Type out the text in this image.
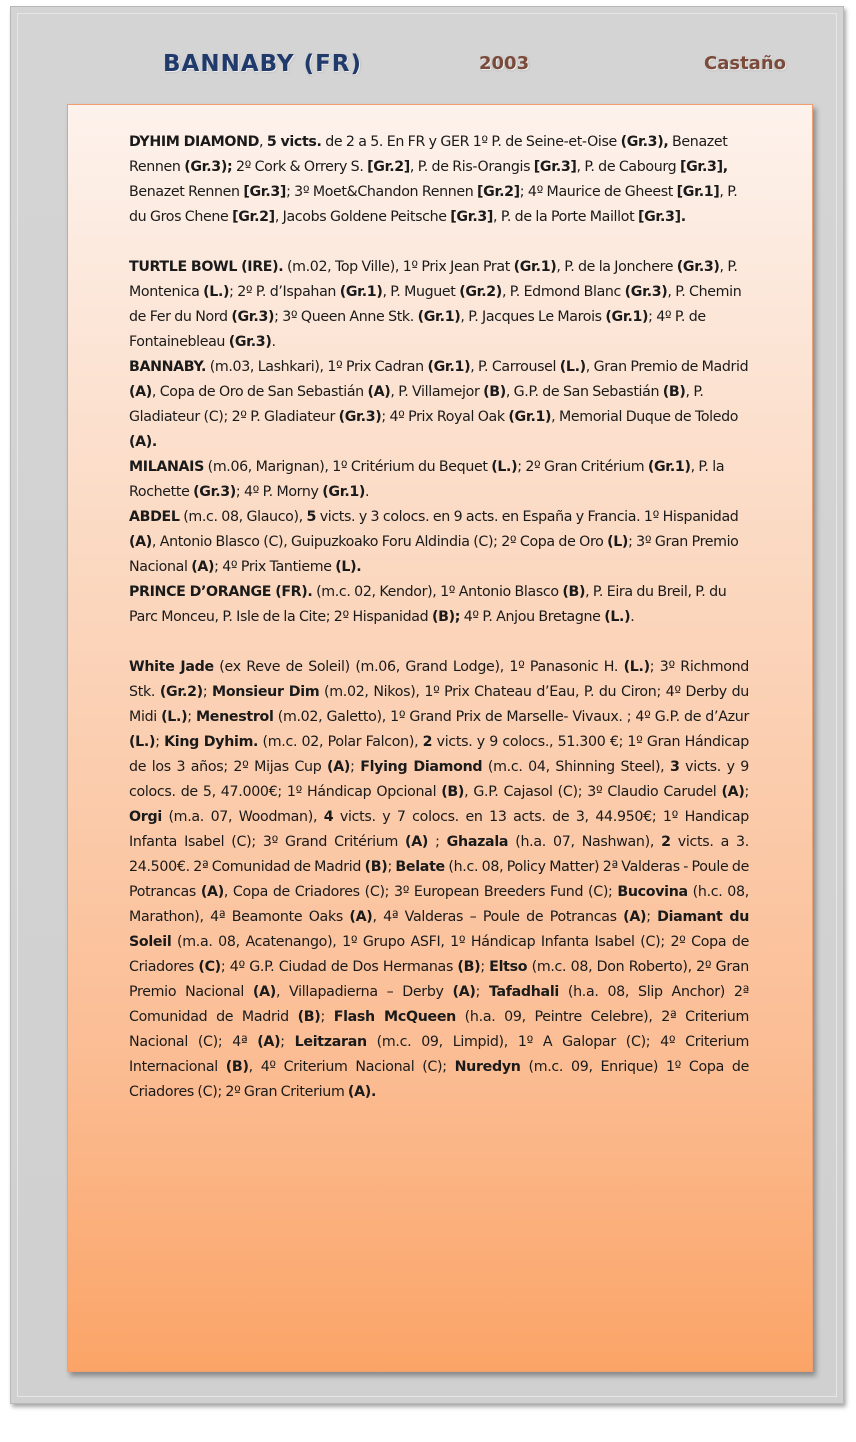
BANNABY (FR)	2003	Castaño

DYHIM DIAMOND, 5 victs. de 2 a 5. En FR y GER 1º P. de Seine-et-Oise (Gr.3), Benazet Rennen (Gr.3); 2º Cork & Orrery S. [Gr.2], P. de Ris-Orangis [Gr.3], P. de Cabourg [Gr.3], Benazet Rennen [Gr.3]; 3º Moet&Chandon Rennen [Gr.2]; 4º Maurice de Gheest [Gr.1], P. du Gros Chene [Gr.2], Jacobs Goldene Peitsche [Gr.3], P. de la Porte Maillot [Gr.3].

TURTLE BOWL (IRE). (m.02, Top Ville), 1º Prix Jean Prat (Gr.1), P. de la Jonchere (Gr.3), P. Montenica (L.); 2º P. d’Ispahan (Gr.1), P. Muguet (Gr.2), P. Edmond Blanc (Gr.3), P. Chemin de Fer du Nord (Gr.3); 3º Queen Anne Stk. (Gr.1), P. Jacques Le Marois (Gr.1); 4º P. de Fontainebleau (Gr.3).

BANNABY. (m.03, Lashkari), 1º Prix Cadran (Gr.1), P. Carrousel (L.), Gran Premio de Madrid (A), Copa de Oro de San Sebastián (A), P. Villamejor (B), G.P. de San Sebastián (B), P. Gladiateur (C); 2º P. Gladiateur (Gr.3); 4º Prix Royal Oak (Gr.1), Memorial Duque de Toledo (A).

MILANAIS (m.06, Marignan), 1º Critérium du Bequet (L.); 2º Gran Critérium (Gr.1), P. la Rochette (Gr.3); 4º P. Morny (Gr.1).

ABDEL (m.c. 08, Glauco), 5 victs. y 3 colocs. en 9 acts. en España y Francia. 1º Hispanidad (A), Antonio Blasco (C), Guipuzkoako Foru Aldindia (C); 2º Copa de Oro (L); 3º Gran Premio Nacional (A); 4º Prix Tantieme (L).

PRINCE D’ORANGE (FR). (m.c. 02, Kendor), 1º Antonio Blasco (B), P. Eira du Breil, P. du Parc Monceu, P. Isle de la Cite; 2º Hispanidad (B); 4º P. Anjou Bretagne (L.).

White Jade (ex Reve de Soleil) (m.06, Grand Lodge), 1º Panasonic H. (L.); 3º Richmond Stk. (Gr.2); Monsieur Dim (m.02, Nikos), 1º Prix Chateau d’Eau, P. du Ciron; 4º Derby du Midi (L.); Menestrol (m.02, Galetto), 1º Grand Prix de Marselle- Vivaux. ; 4º G.P. de d’Azur (L.); King Dyhim. (m.c. 02, Polar Falcon), 2 victs. y 9 colocs., 51.300 €; 1º Gran Hándicap de los 3 años; 2º Mijas Cup (A); Flying Diamond (m.c. 04, Shinning Steel), 3 victs. y 9 colocs. de 5, 47.000€; 1º Hándicap Opcional (B), G.P. Cajasol (C); 3º Claudio Carudel (A); Orgi (m.a. 07, Woodman), 4 victs. y 7 colocs. en 13 acts. de 3, 44.950€; 1º Handicap Infanta Isabel (C); 3º Grand Critérium (A) ; Ghazala (h.a. 07, Nashwan), 2 victs. a 3. 24.500€. 2ª Comunidad de Madrid (B); Belate (h.c. 08, Policy Matter) 2ª Valderas - Poule de Potrancas (A), Copa de Criadores (C); 3º European Breeders Fund (C); Bucovina (h.c. 08, Marathon), 4ª Beamonte Oaks (A), 4ª Valderas – Poule de Potrancas (A); Diamant du Soleil (m.a. 08, Acatenango), 1º Grupo ASFI, 1º Hándicap Infanta Isabel (C); 2º Copa de Criadores (C); 4º G.P. Ciudad de Dos Hermanas (B); Eltso (m.c. 08, Don Roberto), 2º Gran Premio Nacional (A), Villapadierna – Derby (A); Tafadhali (h.a. 08, Slip Anchor) 2ª Comunidad de Madrid (B); Flash McQueen (h.a. 09, Peintre Celebre), 2ª Criterium Nacional (C); 4ª (A); Leitzaran (m.c. 09, Limpid), 1º A Galopar (C); 4º Criterium Internacional (B), 4º Criterium Nacional (C); Nuredyn (m.c. 09, Enrique) 1º Copa de Criadores (C); 2º Gran Criterium (A).
